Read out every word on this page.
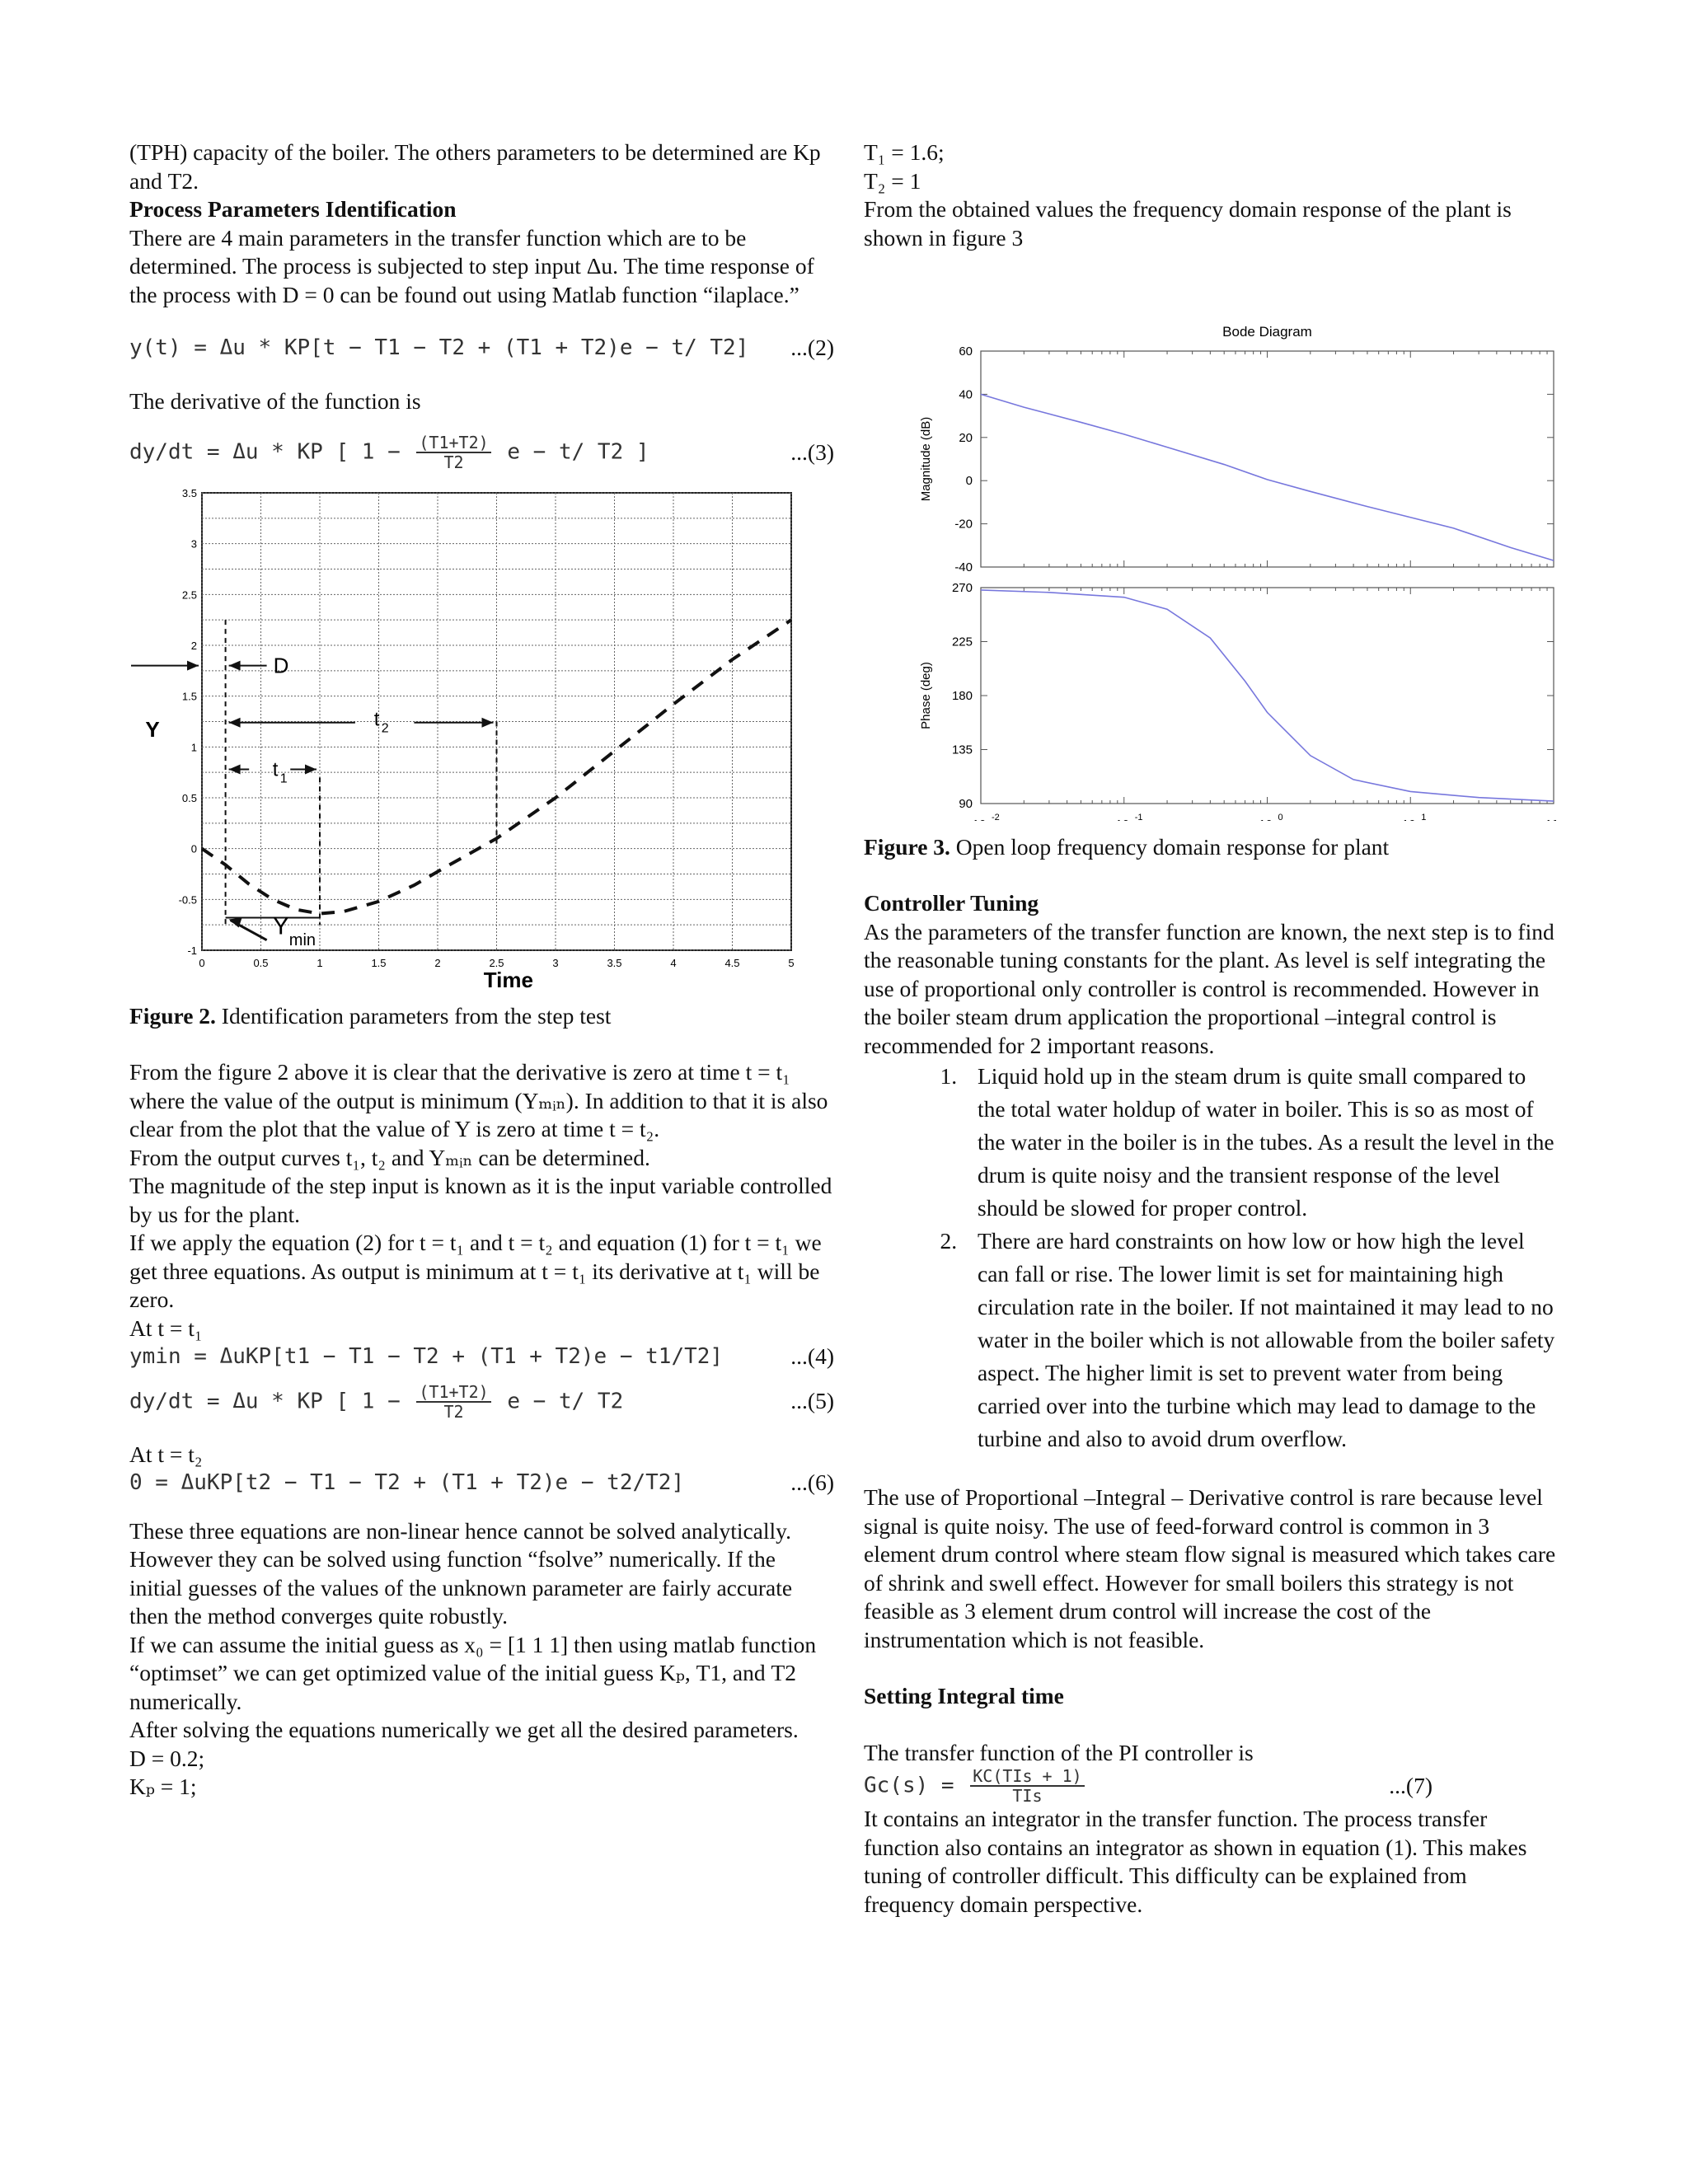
(TPH) capacity of the boiler. The others parameters to be determined are Kp and Τ2.

Process Parameters Identification

There are 4 main parameters in the transfer function which are to be determined. The process is subjected to step input Δu. The time response of the process with D = 0 can be found out using Matlab function “ilaplace.”

y(t) = Δu * KP[t − Τ1 − Τ2 + (Τ1 + Τ2)e − t/ Τ2] ...(2)

The derivative of the function is

dy/dt = Δu * KP [ $1 - \frac{(T1+T2)}{T2}$ e − t/ Τ2 ]	...(3)
0	0.5	1	1.5	2	2.5	3	3.5	4	4.5	5
-1
-0.5
0
0.5
1
1.5
2
2.5
3
3.5
Time
Y
D
t 2
t 1
Y
min

Figure 2. Identification parameters from the step test

From the figure 2 above it is clear that the derivative is zero at time t = t₁ where the value of the output is minimum (Yₘᵢₙ). In addition to that it is also clear from the plot that the value of Y is zero at time t = t₂.

From the output curves t₁, t₂ and Yₘᵢₙ can be determined.

The magnitude of the step input is known as it is the input variable controlled by us for the plant.

If we apply the equation (2) for t = t₁ and t = t₂ and equation (1) for t = t₁ we get three equations. As output is minimum at t = t₁ its derivative at t₁ will be zero.

At t = t₁

ymin = ΔuKP[t1 − Τ1 − Τ2 + (Τ1 + Τ2)e − t1/Τ2]	...(4)
dy/dt = Δu * KP [ $1 - \frac{(T1+T2)}{T2}$ e − t/ Τ2	...(5)

At t = t₂

0 = ΔuKP[t2 − Τ1 − Τ2 + (Τ1 + Τ2)e − t2/Τ2]	...(6)

These three equations are non-linear hence cannot be solved analytically. However they can be solved using function “fsolve” numerically. If the initial guesses of the values of the unknown parameter are fairly accurate then the method converges quite robustly.

If we can assume the initial guess as x₀ = [1 1 1] then using matlab function “optimset” we can get optimized value of the initial guess Kₚ, Τ1, and Τ2 numerically.

After solving the equations numerically we get all the desired parameters.

D = 0.2;

Kₚ = 1;

Τ₁ = 1.6;

Τ₂ = 1

From the obtained values the frequency domain response of the plant is shown in figure 3

Bode Diagram
60
40
20
0
-20
-40
Magnitude (dB)
270
225
180
135
90
Phase (deg)
-2	-1	0	1

Figure 3. Open loop frequency domain response for plant

Controller Tuning

As the parameters of the transfer function are known, the next step is to find the reasonable tuning constants for the plant. As level is self integrating the use of proportional only controller is control is recommended. However in the boiler steam drum application the proportional –integral control is recommended for 2 important reasons.

1. Liquid hold up in the steam drum is quite small compared to the total water holdup of water in boiler. This is so as most of the water in the boiler is in the tubes. As a result the level in the drum is quite noisy and the transient response of the level should be slowed for proper control.
2. There are hard constraints on how low or how high the level can fall or rise. The lower limit is set for maintaining high circulation rate in the boiler. If not maintained it may lead to no water in the boiler which is not allowable from the boiler safety aspect. The higher limit is set to prevent water from being carried over into the turbine which may lead to damage to the turbine and also to avoid drum overflow.

The use of Proportional –Integral – Derivative control is rare because level signal is quite noisy. The use of feed-forward control is common in 3 element drum control where steam flow signal is measured which takes care of shrink and swell effect. However for small boilers this strategy is not feasible as 3 element drum control will increase the cost of the instrumentation which is not feasible.

Setting Integral time

The transfer function of the PI controller is

$Gc(s) = \frac{\text{KC(ΤIs + 1)}}{\text{ΤIs}}$	...(7)

It contains an integrator in the transfer function. The process transfer function also contains an integrator as shown in equation (1). This makes tuning of controller difficult. This difficulty can be explained from frequency domain perspective.
